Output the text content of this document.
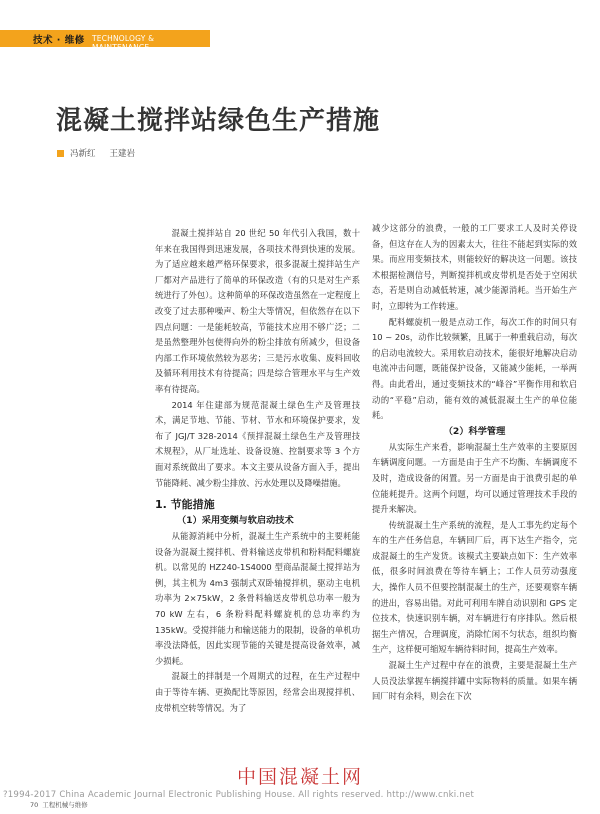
技术 · 维修 TECHNOLOGY & MAINTENANCE
混凝土搅拌站绿色生产措施
冯新红 王建岩

混凝土搅拌站自 20 世纪 50 年代引入我国，数十年来在我国得到迅速发展，各项技术得到快速的发展。为了适应越来越严格环保要求，很多混凝土搅拌站生产厂都对产品进行了简单的环保改造（有的只是对生产系统进行了外包）。这种简单的环保改造虽然在一定程度上改变了过去那种噪声、粉尘大等情况，但依然存在以下四点问题：一是能耗较高，节能技术应用不够广泛；二是虽然整理外包使得向外的粉尘排放有所减少，但设备内部工作环境依然较为恶劣；三是污水收集、废料回收及循环利用技术有待提高；四是综合管理水平与生产效率有待提高。

2014 年住建部为规范混凝土绿色生产及管理技术，满足节地、节能、节材、节水和环境保护要求，发布了 JGJ/T 328-2014《预拌混凝土绿色生产及管理技术规程》，从厂址选址、设备设施、控制要求等 3 个方面对系统做出了要求。本文主要从设备方面入手，提出节能降耗、减少粉尘排放、污水处理以及降噪措施。

1. 节能措施
（1）采用变频与软启动技术

从能源消耗中分析，混凝土生产系统中的主要耗能设备为混凝土搅拌机、骨料输送皮带机和粉料配料螺旋机。以常见的 HZ240-1S4000 型商品混凝土搅拌站为例，其主机为 4m3 强制式双卧轴搅拌机，驱动主电机功率为 2×75kW，2 条骨料输送皮带机总功率一般为 70 kW 左右，6 条粉料配料螺旋机的总功率约为 135kW。受搅拌能力和输送能力的限制，设备的单机功率没法降低，因此实现节能的关键是提高设备效率，减少损耗。

混凝土的拌制是一个周期式的过程，在生产过程中由于等待车辆、更换配比等原因，经常会出现搅拌机、皮带机空转等情况。为了

减少这部分的浪费，一般的工厂要求工人及时关停设备，但这存在人为的因素太大，往往不能起到实际的效果。而应用变频技术，则能较好的解决这一问题。该技术根据检测信号，判断搅拌机或皮带机是否处于空闲状态，若是则自动减低转速，减少能源消耗。当开始生产时，立即转为工作转速。

配料螺旋机一般是点动工作，每次工作的时间只有 10 ~ 20s，动作比较频繁，且属于一种重载启动，每次的启动电流较大。采用软启动技术，能很好地解决启动电流冲击问题，既能保护设备，又能减少能耗，一举两得。由此看出，通过变频技术的“峰谷”平衡作用和软启动的“平稳”启动，能有效的减低混凝土生产的单位能耗。

（2）科学管理

从实际生产来看，影响混凝土生产效率的主要原因车辆调度问题。一方面是由于生产不均衡、车辆调度不及时，造成设备的闲置。另一方面是由于浪费引起的单位能耗提升。这两个问题，均可以通过管理技术手段的提升来解决。

传统混凝土生产系统的流程，是人工事先约定每个车的生产任务信息，车辆回厂后，再下达生产指令，完成混凝土的生产发货。该模式主要缺点如下：生产效率低，很多时间浪费在等待车辆上；工作人员劳动强度大，操作人员不但要控制混凝土的生产，还要观察车辆的进出，容易出错。对此可利用车牌自动识别和 GPS 定位技术，快速识别车辆，对车辆进行有序排队。然后根据生产情况，合理调度，消除忙闲不匀状态，组织均衡生产，这样便可缩短车辆待料时间，提高生产效率。

混凝土生产过程中存在的浪费，主要是混凝土生产人员没法掌握车辆搅拌罐中实际物料的质量。如果车辆回厂时有余料，则会在下次

中国混凝土网
?1994-2017 China Academic Journal Electronic Publishing House. All rights reserved. http://www.cnki.net
70 工程机械与维修
